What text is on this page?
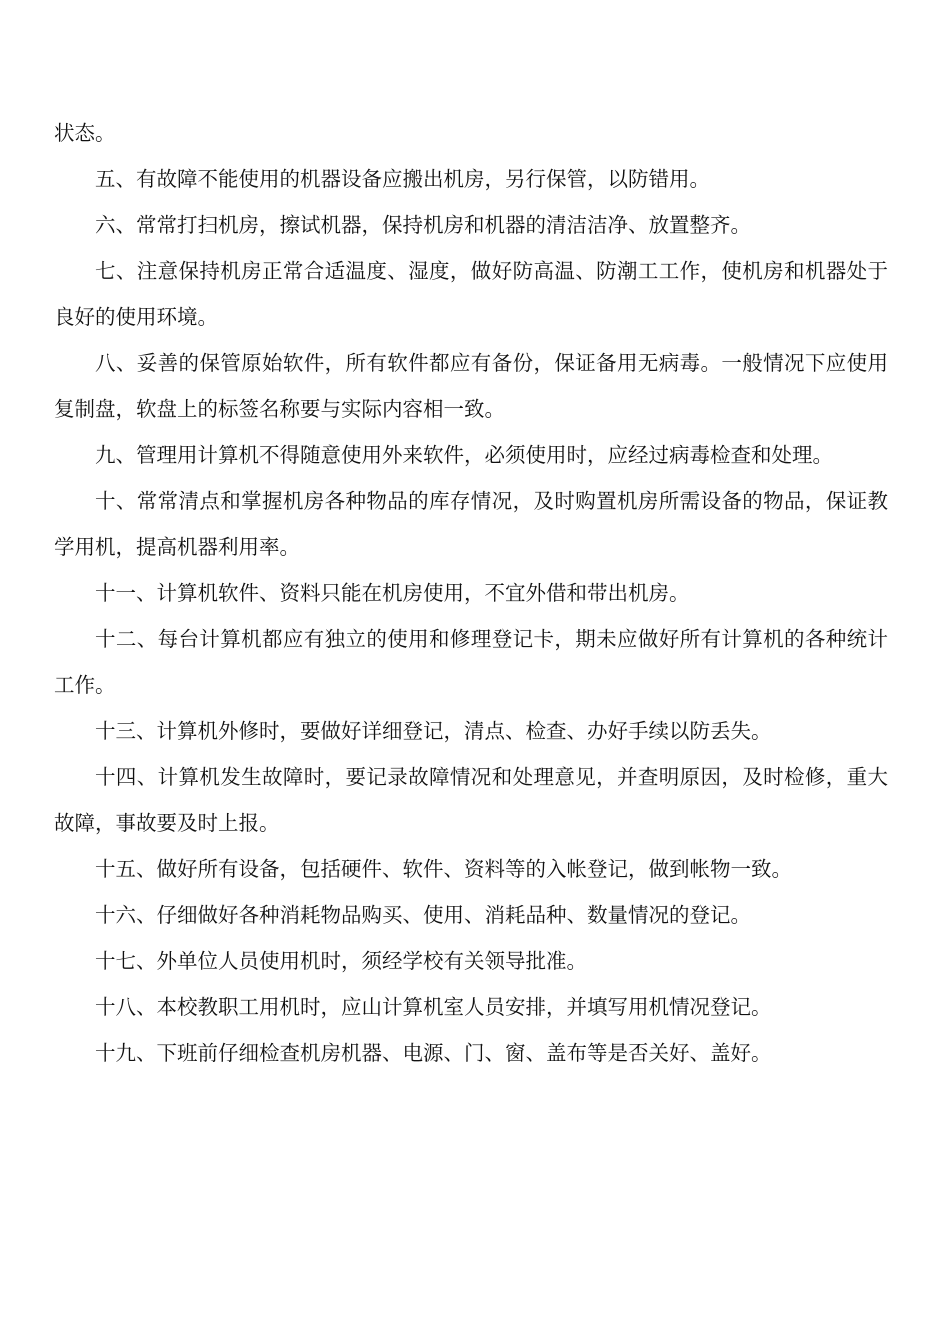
状态。

五、有故障不能使用的机器设备应搬出机房，另行保管，以防错用。

六、常常打扫机房，擦试机器，保持机房和机器的清洁洁净、放置整齐。

七、注意保持机房正常合适温度、湿度，做好防高温、防潮工工作，使机房和机器处于良好的使用环境。

八、妥善的保管原始软件，所有软件都应有备份，保证备用无病毒。一般情况下应使用复制盘，软盘上的标签名称要与实际内容相一致。

九、管理用计算机不得随意使用外来软件，必须使用时，应经过病毒检查和处理。

十、常常清点和掌握机房各种物品的库存情况，及时购置机房所需设备的物品，保证教学用机，提高机器利用率。

十一、计算机软件、资料只能在机房使用，不宜外借和带出机房。

十二、每台计算机都应有独立的使用和修理登记卡，期未应做好所有计算机的各种统计工作。

十三、计算机外修时，要做好详细登记，清点、检查、办好手续以防丢失。

十四、计算机发生故障时，要记录故障情况和处理意见，并查明原因，及时检修，重大故障，事故要及时上报。

十五、做好所有设备，包括硬件、软件、资料等的入帐登记，做到帐物一致。

十六、仔细做好各种消耗物品购买、使用、消耗品种、数量情况的登记。

十七、外单位人员使用机时，须经学校有关领导批准。

十八、本校教职工用机时，应山计算机室人员安排，并填写用机情况登记。

十九、下班前仔细检查机房机器、电源、门、窗、盖布等是否关好、盖好。
